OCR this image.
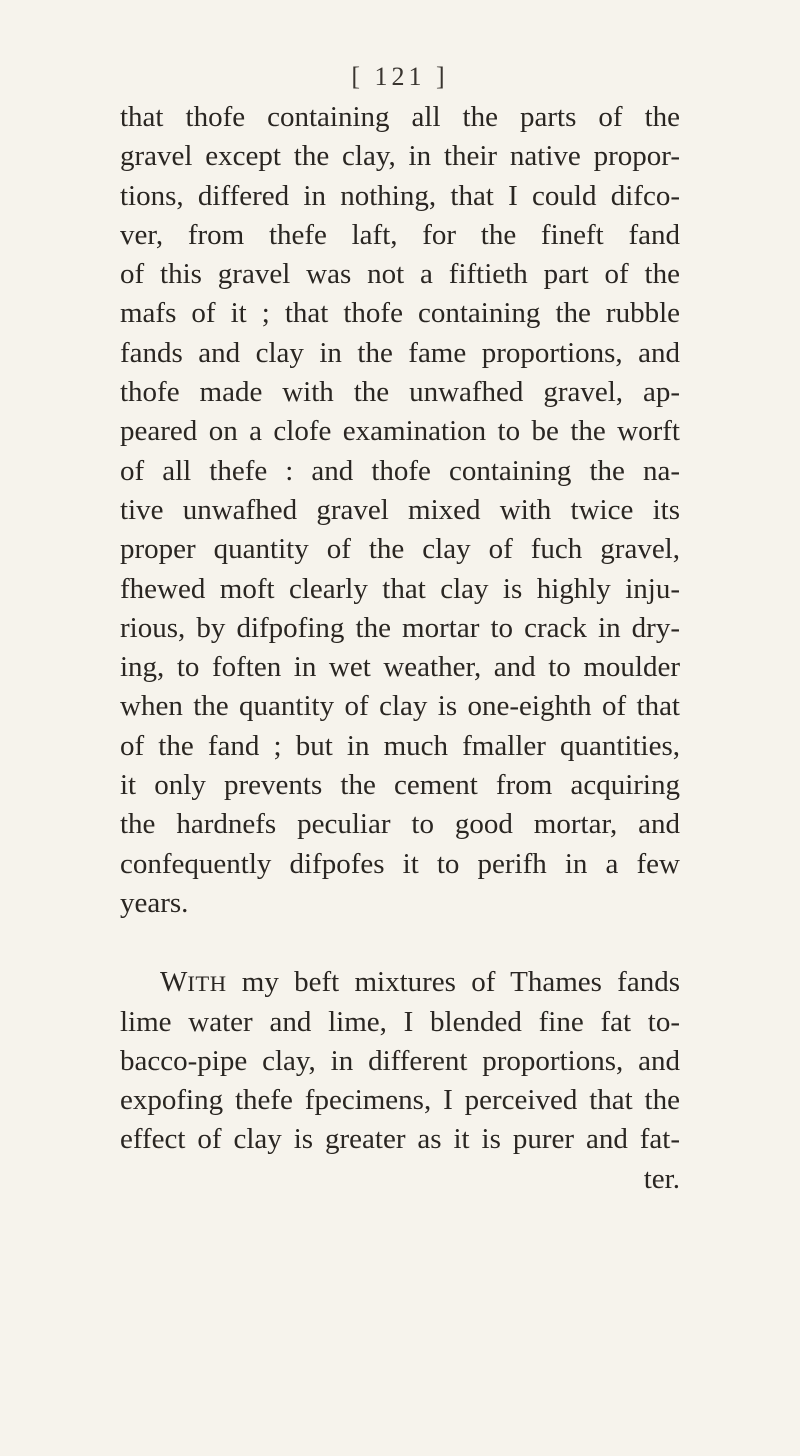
[ 121 ]
that thofe containing all the parts of the
gravel except the clay, in their native propor-
tions, differed in nothing, that I could difco-
ver, from thefe laft, for the fineft fand
of this gravel was not a fiftieth part of the
mafs of it ; that thofe containing the rubble
fands and clay in the fame proportions, and
thofe made with the unwafhed gravel, ap-
peared on a clofe examination to be the worft
of all thefe : and thofe containing the na-
tive unwafhed gravel mixed with twice its
proper quantity of the clay of fuch gravel,
fhewed moft clearly that clay is highly inju-
rious, by difpofing the mortar to crack in dry-
ing, to foften in wet weather, and to moulder
when the quantity of clay is one-eighth of that
of the fand ; but in much fmaller quantities,
it only prevents the cement from acquiring
the hardnefs peculiar to good mortar, and
confequently difpofes it to perifh in a few
years.
WITH my beft mixtures of Thames fands
lime water and lime, I blended fine fat to-
bacco-pipe clay, in different proportions, and
expofing thefe fpecimens, I perceived that the
effect of clay is greater as it is purer and fat-
ter.
